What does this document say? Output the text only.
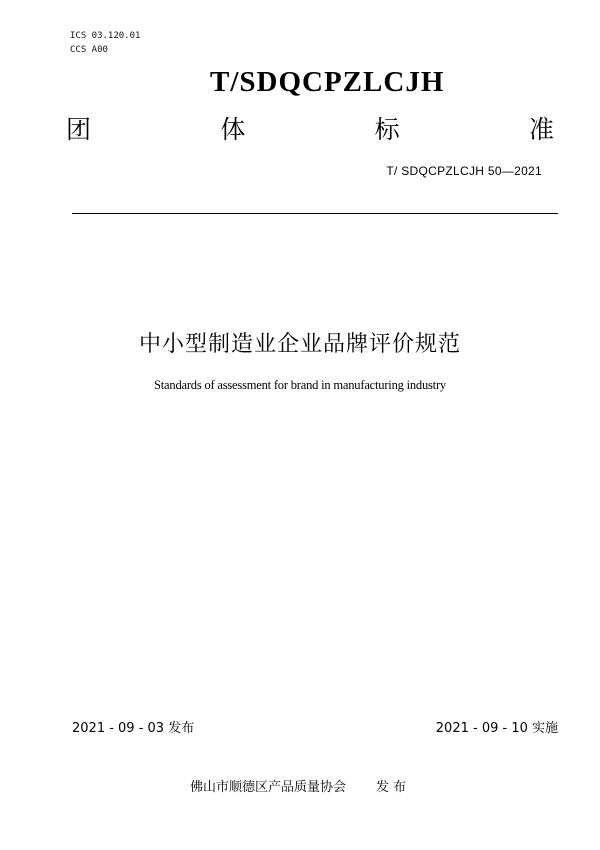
ICS 03.120.01
CCS A00
T/SDQCPZLCJH
团	体	标	准
T/ SDQCPZLCJH 50—2021
中小型制造业企业品牌评价规范
Standards of assessment for brand in manufacturing industry
2021 - 09 - 03 发布	2021 - 09 - 10 实施
佛山市顺德区产品质量协会 发 布
